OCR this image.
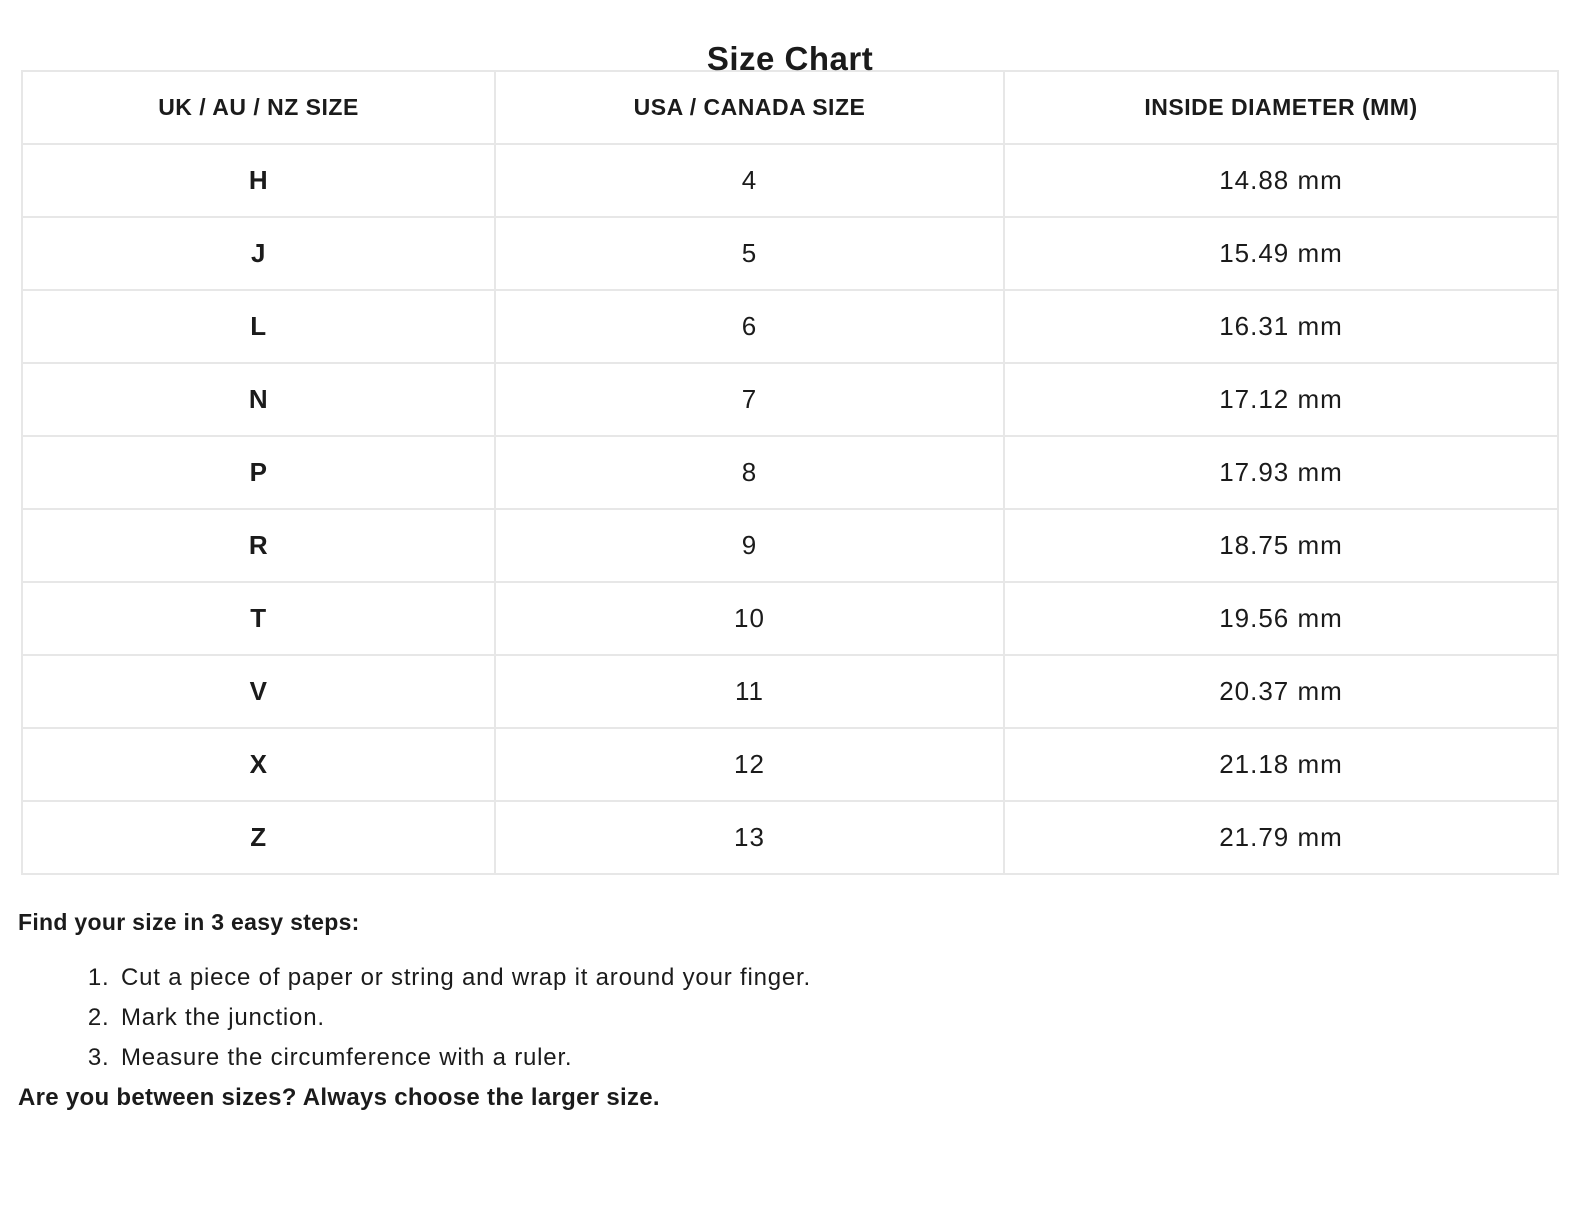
Size Chart
UK / AU / NZ SIZE	USA / CANADA SIZE	INSIDE DIAMETER (MM)
H	4	14.88 mm
J	5	15.49 mm
L	6	16.31 mm
N	7	17.12 mm
P	8	17.93 mm
R	9	18.75 mm
T	10	19.56 mm
V	11	20.37 mm
X	12	21.18 mm
Z	13	21.79 mm
Find your size in 3 easy steps:
1. Cut a piece of paper or string and wrap it around your finger.
2. Mark the junction.
3. Measure the circumference with a ruler.

Are you between sizes? Always choose the larger size.
